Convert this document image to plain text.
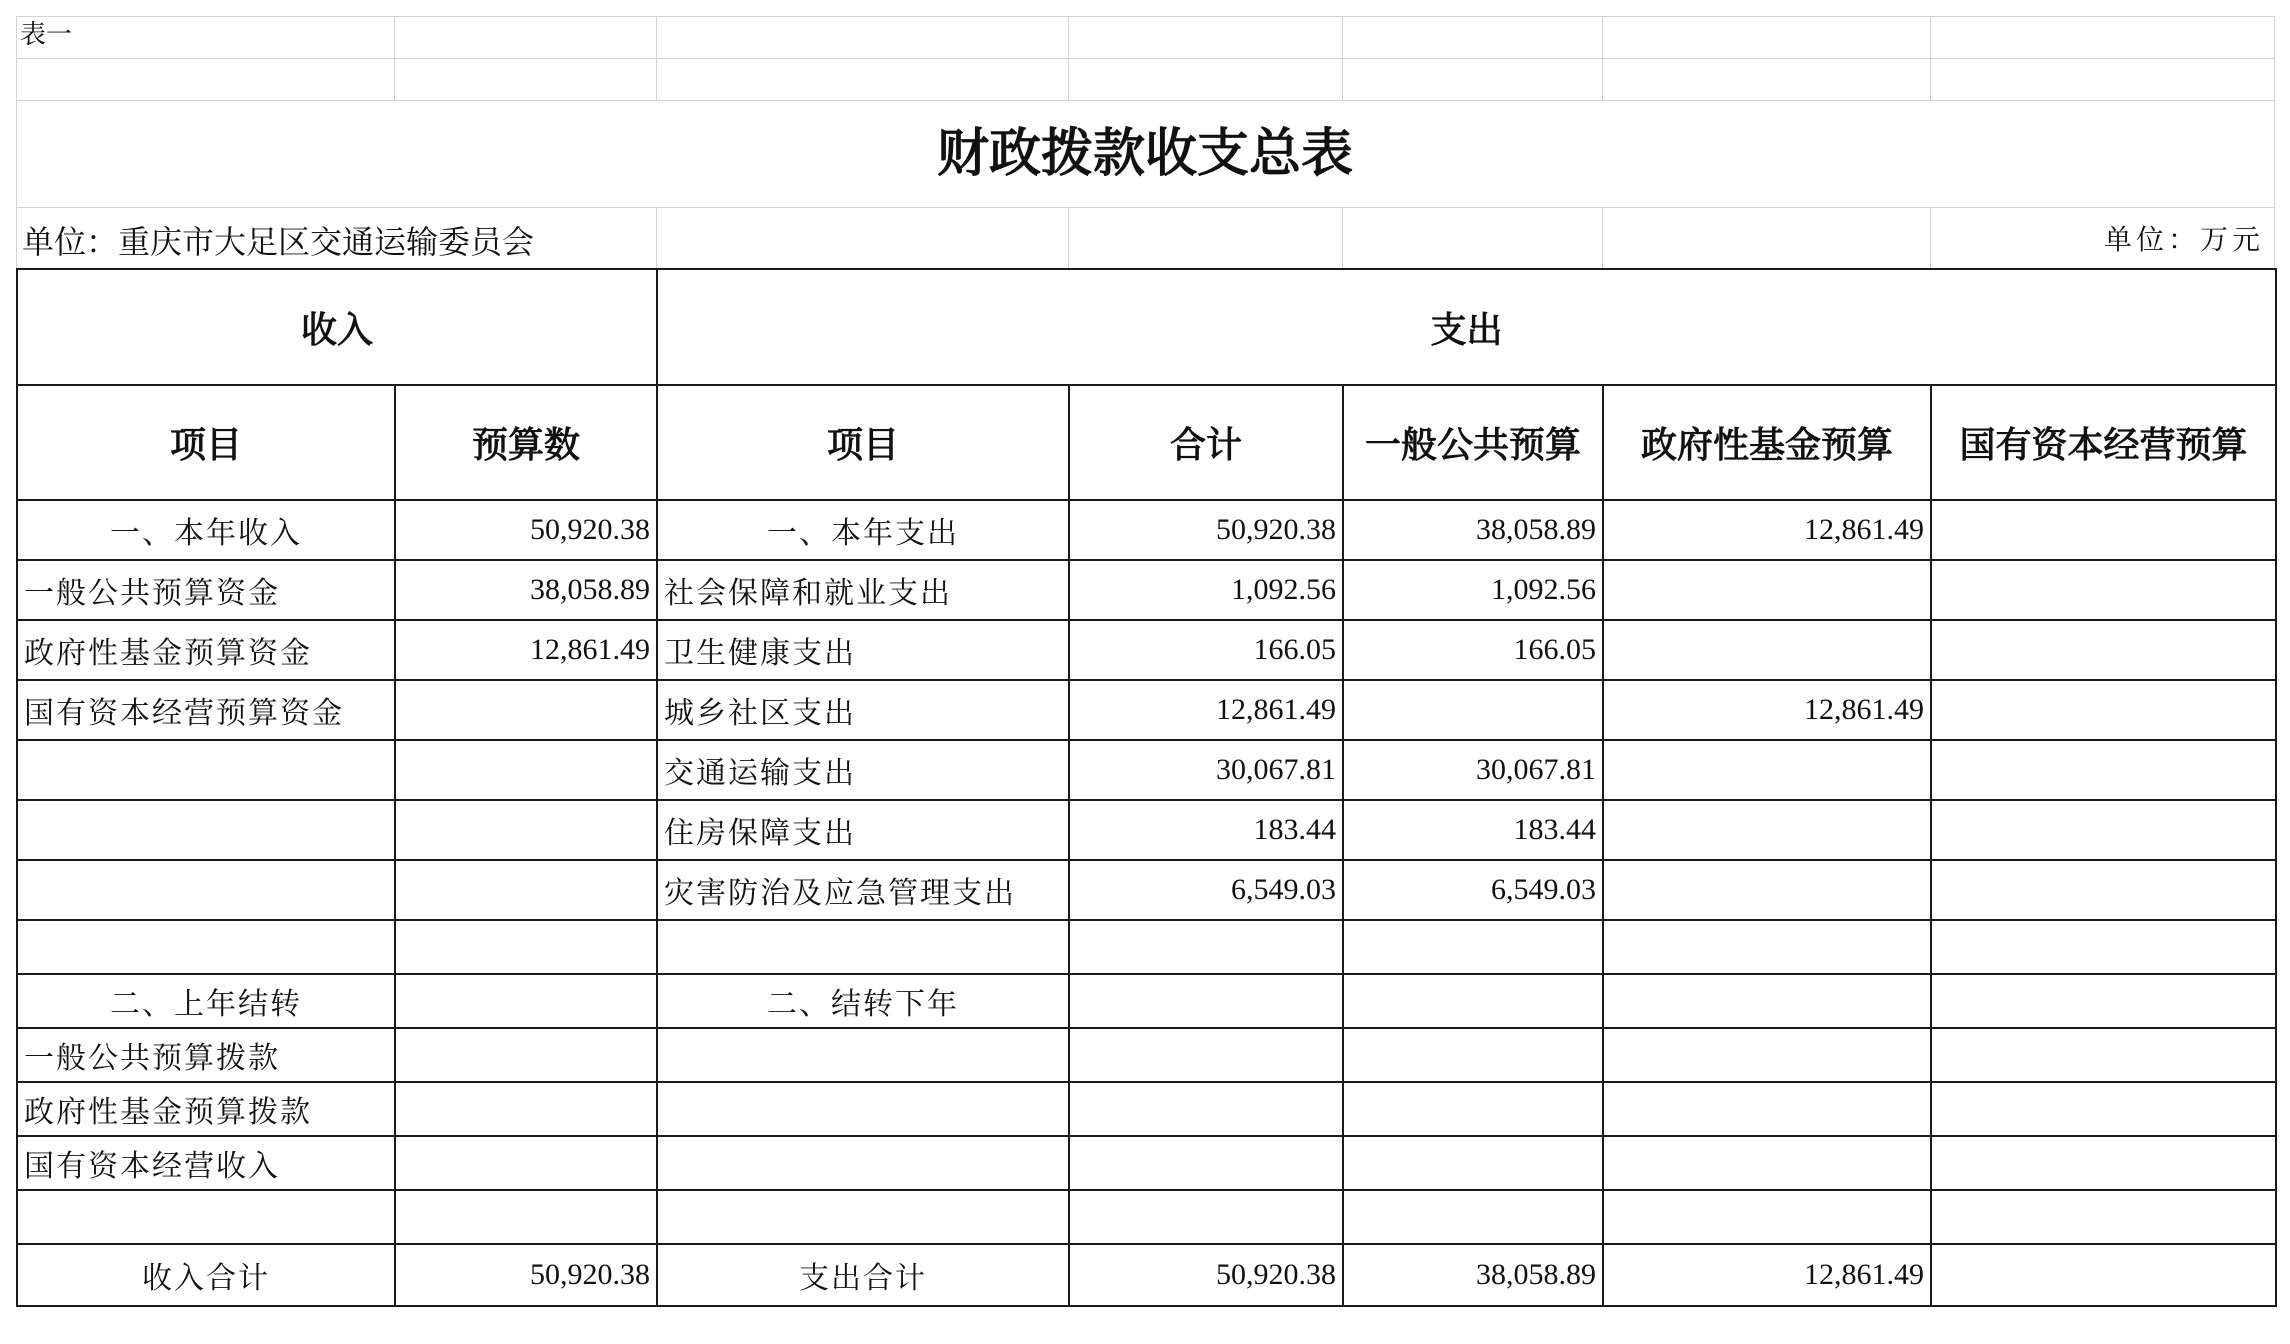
表一
财政拨款收支总表
单位：重庆市大足区交通运输委员会	单位：万元
收入		支出				
项目	预算数	项目	合计	一般公共预算	政府性基金预算	国有资本经营预算
一、本年收入	50,920.38	一、本年支出	50,920.38	38,058.89	12,861.49	
一般公共预算资金	38,058.89	社会保障和就业支出	1,092.56	1,092.56		
政府性基金预算资金	12,861.49	卫生健康支出	166.05	166.05		
国有资本经营预算资金		城乡社区支出	12,861.49		12,861.49	
		交通运输支出	30,067.81	30,067.81		
		住房保障支出	183.44	183.44		
		灾害防治及应急管理支出	6,549.03	6,549.03		

二、上年结转		二、结转下年				
一般公共预算拨款						
政府性基金预算拨款						
国有资本经营收入						

收入合计	50,920.38	支出合计	50,920.38	38,058.89	12,861.49	
